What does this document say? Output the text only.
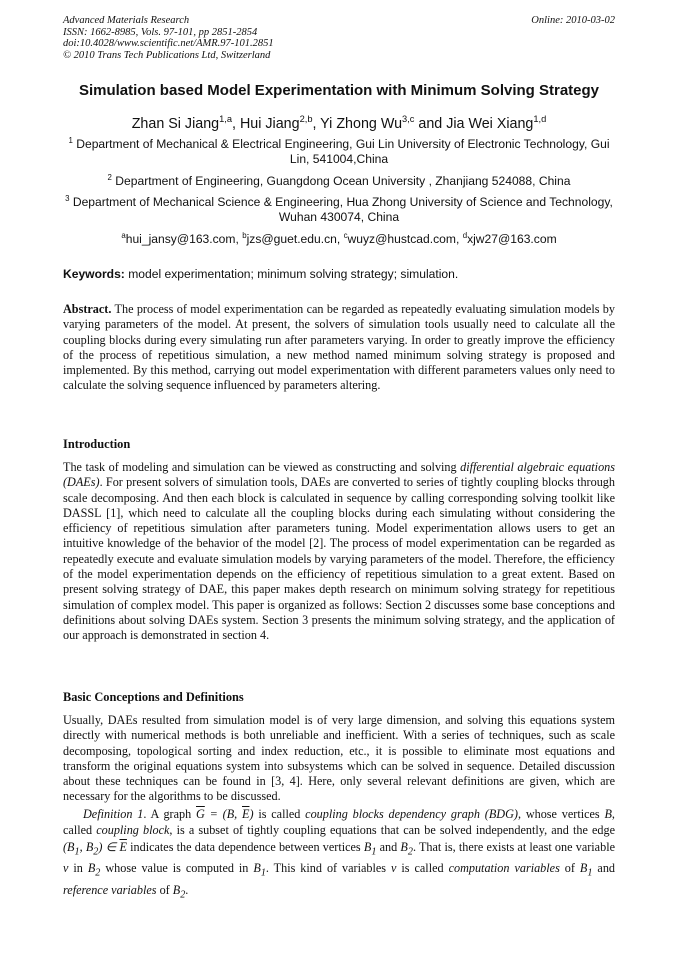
Advanced Materials Research	Online: 2010-03-02
ISSN: 1662-8985, Vols. 97-101, pp 2851-2854
doi:10.4028/www.scientific.net/AMR.97-101.2851
© 2010 Trans Tech Publications Ltd, Switzerland
Simulation based Model Experimentation with Minimum Solving Strategy
Zhan Si Jiang$^{1,a}$, Hui Jiang$^{2,b}$, Yi Zhong Wu$^{3,c}$ and Jia Wei Xiang$^{1,d}$
$^1$ Department of Mechanical & Electrical Engineering, Gui Lin University of Electronic Technology, Gui Lin, 541004,China
$^2$ Department of Engineering, Guangdong Ocean University , Zhanjiang 524088, China
$^3$ Department of Mechanical Science & Engineering, Hua Zhong University of Science and Technology, Wuhan 430074, China
$^a$hui_jansy@163.com, $^b$jzs@guet.edu.cn, $^c$wuyz@hustcad.com, $^d$xjw27@163.com
Keywords: model experimentation; minimum solving strategy; simulation.

Abstract. The process of model experimentation can be regarded as repeatedly evaluating simulation models by varying parameters of the model. At present, the solvers of simulation tools usually need to calculate all the coupling blocks during every simulating run after parameters varying. In order to greatly improve the efficiency of the process of repetitious simulation, a new method named minimum solving strategy is proposed and implemented. By this method, carrying out model experimentation with different parameters values only need to calculate the solving sequence influenced by parameters altering.

Introduction

The task of modeling and simulation can be viewed as constructing and solving differential algebraic equations (DAEs). For present solvers of simulation tools, DAEs are converted to series of tightly coupling blocks through scale decomposing. And then each block is calculated in sequence by calling corresponding solving toolkit like DASSL [1], which need to calculate all the coupling blocks during each simulating without considering the efficiency of repetitious simulation after parameters tuning. Model experimentation allows users to get an intuitive knowledge of the behavior of the model [2]. The process of model experimentation can be regarded as repeatedly execute and evaluate simulation models by varying parameters of the model. Therefore, the efficiency of the model experimentation depends on the efficiency of repetitious simulation to a great extent. Based on present solving strategy of DAE, this paper makes depth research on minimum solving strategy for repetitious simulation of complex model. This paper is organized as follows: Section 2 discusses some base conceptions and definitions about solving DAEs system. Section 3 presents the minimum solving strategy, and the application of our approach is demonstrated in section 4.

Basic Conceptions and Definitions

Usually, DAEs resulted from simulation model is of very large dimension, and solving this equations system directly with numerical methods is both unreliable and inefficient. With a series of techniques, such as scale decomposing, topological sorting and index reduction, etc., it is possible to eliminate most equations and transform the original equations system into subsystems which can be solved in sequence. Detailed discussion about these techniques can be found in [3, 4]. Here, only several relevant definitions are given, which are necessary for the algorithms to be discussed.

Definition 1. A graph $\overline{G} = (B$, $\overline{E}$) is called coupling blocks dependency graph (BDG), whose vertices B, called coupling block, is a subset of tightly coupling equations that can be solved independently, and the edge ($B_1$, $B_2$) ∈ $\overline{E}$ indicates the data dependence between vertices $B_1$ and $B_2$. That is, there exists at least one variable v in $B_2$ whose value is computed in $B_1$. This kind of variables v is called computation variables of $B_1$ and reference variables of $B_2$.
